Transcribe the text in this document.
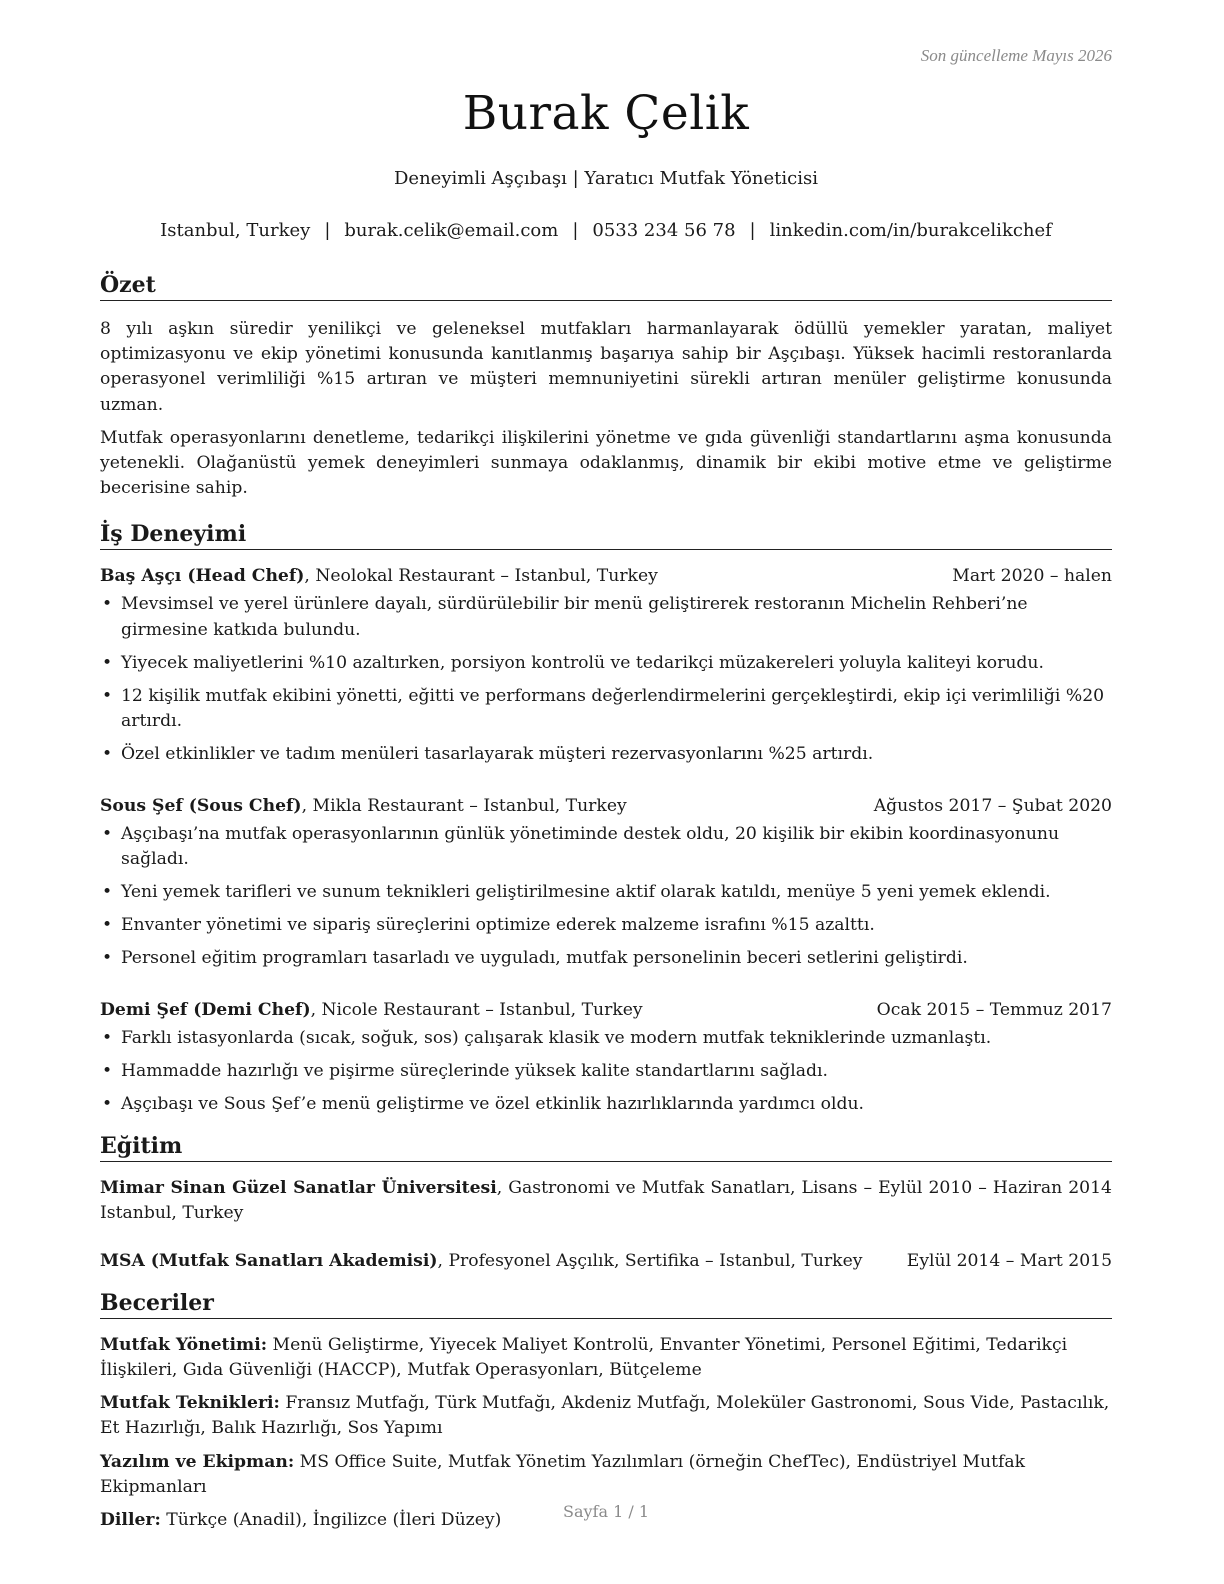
Son güncelleme Mayıs 2026
Burak Çelik
Deneyimli Aşçıbaşı | Yaratıcı Mutfak Yöneticisi
Istanbul, Turkey | burak.celik@email.com | 0533 234 56 78 | linkedin.com/in/burakcelikchef
Özet

8 yılı aşkın süredir yenilikçi ve geleneksel mutfakları harmanlayarak ödüllü yemekler yaratan, maliyet optimizasyonu ve ekip yönetimi konusunda kanıtlanmış başarıya sahip bir Aşçıbaşı. Yüksek hacimli restoranlarda operasyonel verimliliği %15 artıran ve müşteri memnuniyetini sürekli artıran menüler geliştirme konusunda uzman.

Mutfak operasyonlarını denetleme, tedarikçi ilişkilerini yönetme ve gıda güvenliği standartlarını aşma konusunda yetenekli. Olağanüstü yemek deneyimleri sunmaya odaklanmış, dinamik bir ekibi motive etme ve geliştirme becerisine sahip.

İş Deneyimi
Baş Aşçı (Head Chef), Neolokal Restaurant – Istanbul, Turkey	Mart 2020 – halen
• Mevsimsel ve yerel ürünlere dayalı, sürdürülebilir bir menü geliştirerek restoranın Michelin Rehberi’ne girmesine katkıda bulundu.
• Yiyecek maliyetlerini %10 azaltırken, porsiyon kontrolü ve tedarikçi müzakereleri yoluyla kaliteyi korudu.
• 12 kişilik mutfak ekibini yönetti, eğitti ve performans değerlendirmelerini gerçekleştirdi, ekip içi verimliliği %20 artırdı.
• Özel etkinlikler ve tadım menüleri tasarlayarak müşteri rezervasyonlarını %25 artırdı.
Sous Şef (Sous Chef), Mikla Restaurant – Istanbul, Turkey	Ağustos 2017 – Şubat 2020
• Aşçıbaşı’na mutfak operasyonlarının günlük yönetiminde destek oldu, 20 kişilik bir ekibin koordinasyonunu sağladı.
• Yeni yemek tarifleri ve sunum teknikleri geliştirilmesine aktif olarak katıldı, menüye 5 yeni yemek eklendi.
• Envanter yönetimi ve sipariş süreçlerini optimize ederek malzeme israfını %15 azalttı.
• Personel eğitim programları tasarladı ve uyguladı, mutfak personelinin beceri setlerini geliştirdi.
Demi Şef (Demi Chef), Nicole Restaurant – Istanbul, Turkey	Ocak 2015 – Temmuz 2017
• Farklı istasyonlarda (sıcak, soğuk, sos) çalışarak klasik ve modern mutfak tekniklerinde uzmanlaştı.
• Hammadde hazırlığı ve pişirme süreçlerinde yüksek kalite standartlarını sağladı.
• Aşçıbaşı ve Sous Şef’e menü geliştirme ve özel etkinlik hazırlıklarında yardımcı oldu.
Eğitim
Mimar Sinan Güzel Sanatlar Üniversitesi, Gastronomi ve Mutfak Sanatları, Lisans – Eylül 2010 – Haziran 2014 Istanbul, Turkey
MSA (Mutfak Sanatları Akademisi), Profesyonel Aşçılık, Sertifika – Istanbul, Turkey	Eylül 2014 – Mart 2015
Beceriler

Mutfak Yönetimi: Menü Geliştirme, Yiyecek Maliyet Kontrolü, Envanter Yönetimi, Personel Eğitimi, Tedarikçi İlişkileri, Gıda Güvenliği (HACCP), Mutfak Operasyonları, Bütçeleme

Mutfak Teknikleri: Fransız Mutfağı, Türk Mutfağı, Akdeniz Mutfağı, Moleküler Gastronomi, Sous Vide, Pastacılık, Et Hazırlığı, Balık Hazırlığı, Sos Yapımı

Yazılım ve Ekipman: MS Office Suite, Mutfak Yönetim Yazılımları (örneğin ChefTec), Endüstriyel Mutfak Ekipmanları

Diller: Türkçe (Anadil), İngilizce (İleri Düzey)	Sayfa 1 / 1
